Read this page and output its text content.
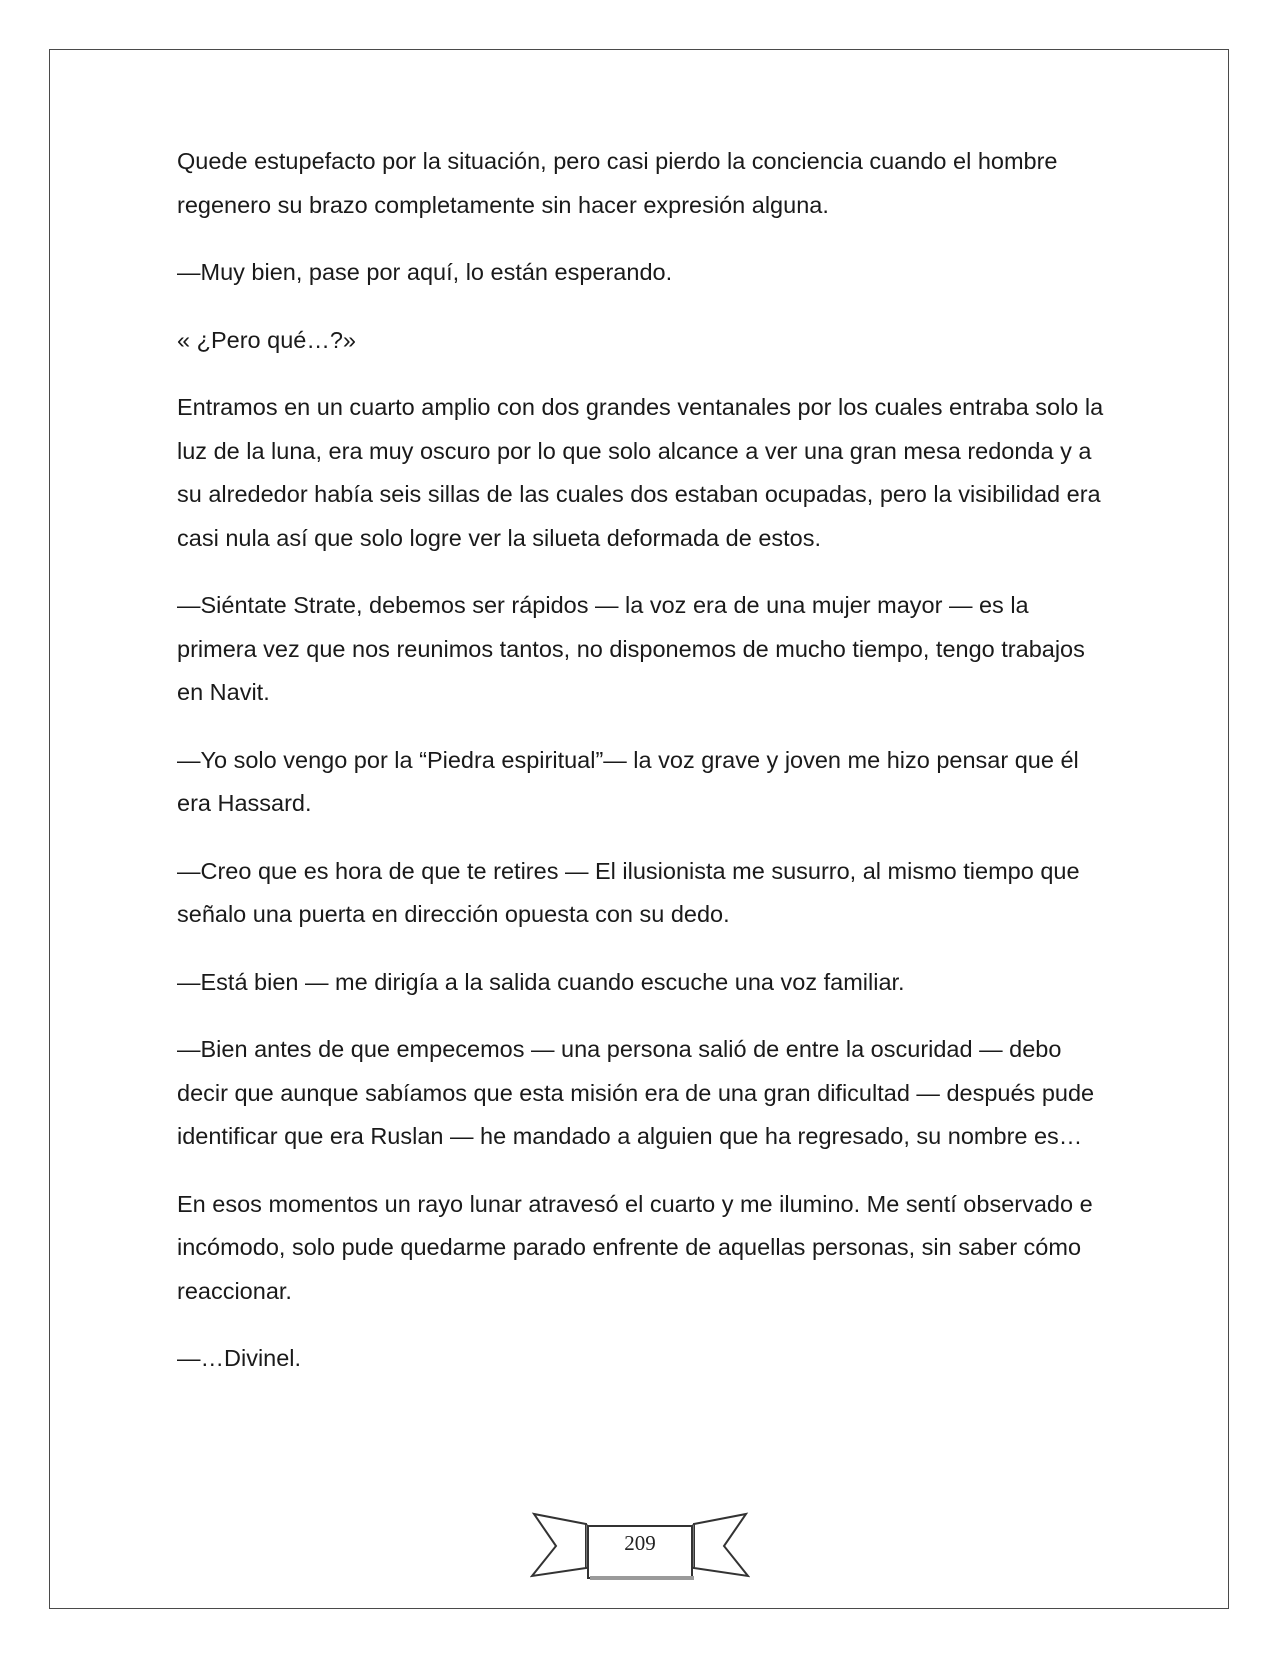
Quede estupefacto por la situación, pero casi pierdo la conciencia cuando el hombre regenero su brazo completamente sin hacer expresión alguna.

—Muy bien, pase por aquí, lo están esperando.

« ¿Pero qué…?»

Entramos en un cuarto amplio con dos grandes ventanales por los cuales entraba solo la luz de la luna, era muy oscuro por lo que solo alcance a ver una gran mesa redonda y a su alrededor había seis sillas de las cuales dos estaban ocupadas, pero la visibilidad era casi nula así que solo logre ver la silueta deformada de estos.

—Siéntate Strate, debemos ser rápidos — la voz era de una mujer mayor — es la primera vez que nos reunimos tantos, no disponemos de mucho tiempo, tengo trabajos en Navit.

—Yo solo vengo por la “Piedra espiritual”— la voz grave y joven me hizo pensar que él era Hassard.

—Creo que es hora de que te retires — El ilusionista me susurro, al mismo tiempo que señalo una puerta en dirección opuesta con su dedo.

—Está bien — me dirigía a la salida cuando escuche una voz familiar.

—Bien antes de que empecemos — una persona salió de entre la oscuridad — debo decir que aunque sabíamos que esta misión era de una gran dificultad — después pude identificar que era Ruslan — he mandado a alguien que ha regresado, su nombre es…

En esos momentos un rayo lunar atravesó el cuarto y me ilumino. Me sentí observado e incómodo, solo pude quedarme parado enfrente de aquellas personas, sin saber cómo reaccionar.

—…Divinel.

209
